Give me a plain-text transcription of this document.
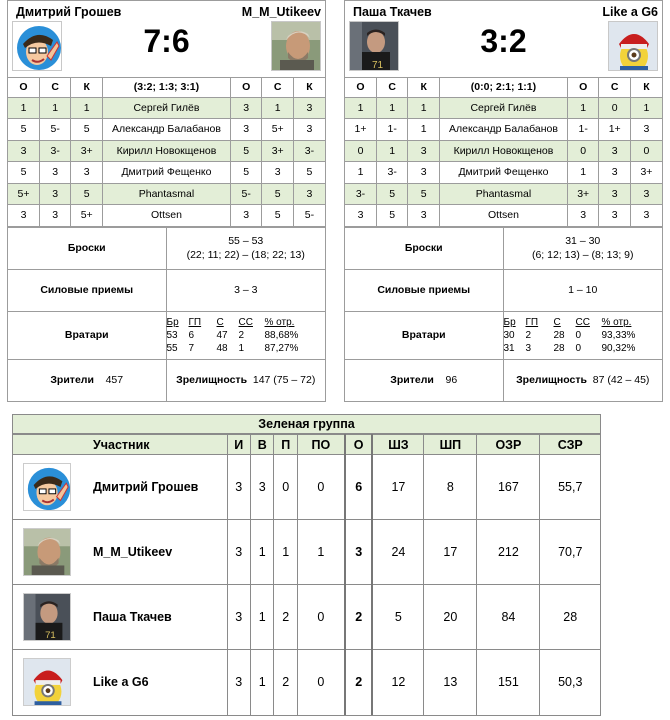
Дмитрий Грошев	M_M_Utikeev
7:6
О	С	К	(3:2; 1:3; 3:1)	О	С	К
1	1	1	Сергей Гилёв	3	1	3
5	5-	5	Александр Балабанов	3	5+	3
3	3-	3+	Кирилл Новокщенов	5	3+	3-
5	3	3	Дмитрий Фещенко	5	3	5
5+	3	5	Phantasmal	5-	5	3
3	3	5+	Ottsen	3	5	5-
Броски	55 – 53
(22; 11; 22) – (18; 22; 13)

Силовые приемы	3 – 3
Вратари	Бр ГП С СС % отр.
53 6 47 2 88,68%
55 7 48 1 87,27%

Зрители 457	Зрелищность 147 (75 – 72)
Паша Ткачев	Like a G6
3:2
О	С	К	(0:0; 2:1; 1:1)	О	С	К
1	1	1	Сергей Гилёв	1	0	1
1+	1-	1	Александр Балабанов	1-	1+	3
0	1	3	Кирилл Новокщенов	0	3	0
1	3-	3	Дмитрий Фещенко	1	3	3+
3-	5	5	Phantasmal	3+	3	3
3	5	3	Ottsen	3	3	3
Броски	31 – 30
(6; 12; 13) – (8; 13; 9)

Силовые приемы	1 – 10
Вратари	Бр ГП С СС % отр.
30 2 28 0 93,33%
31 3 28 0 90,32%

Зрители 96	Зрелищность 87 (42 – 45)
Зеленая группа
Участник		И	В	П	ПО	О	ШЗ	ШП	ОЗР	СЗР

	Дмитрий Грошев	3	3	0	0	6	17	8	167	55,7

	M_M_Utikeev	3	1	1	1	3	24	17	212	70,7

	Паша Ткачев	3	1	2	0	2	5	20	84	28

	Like a G6	3	1	2	0	2	12	13	151	50,3
